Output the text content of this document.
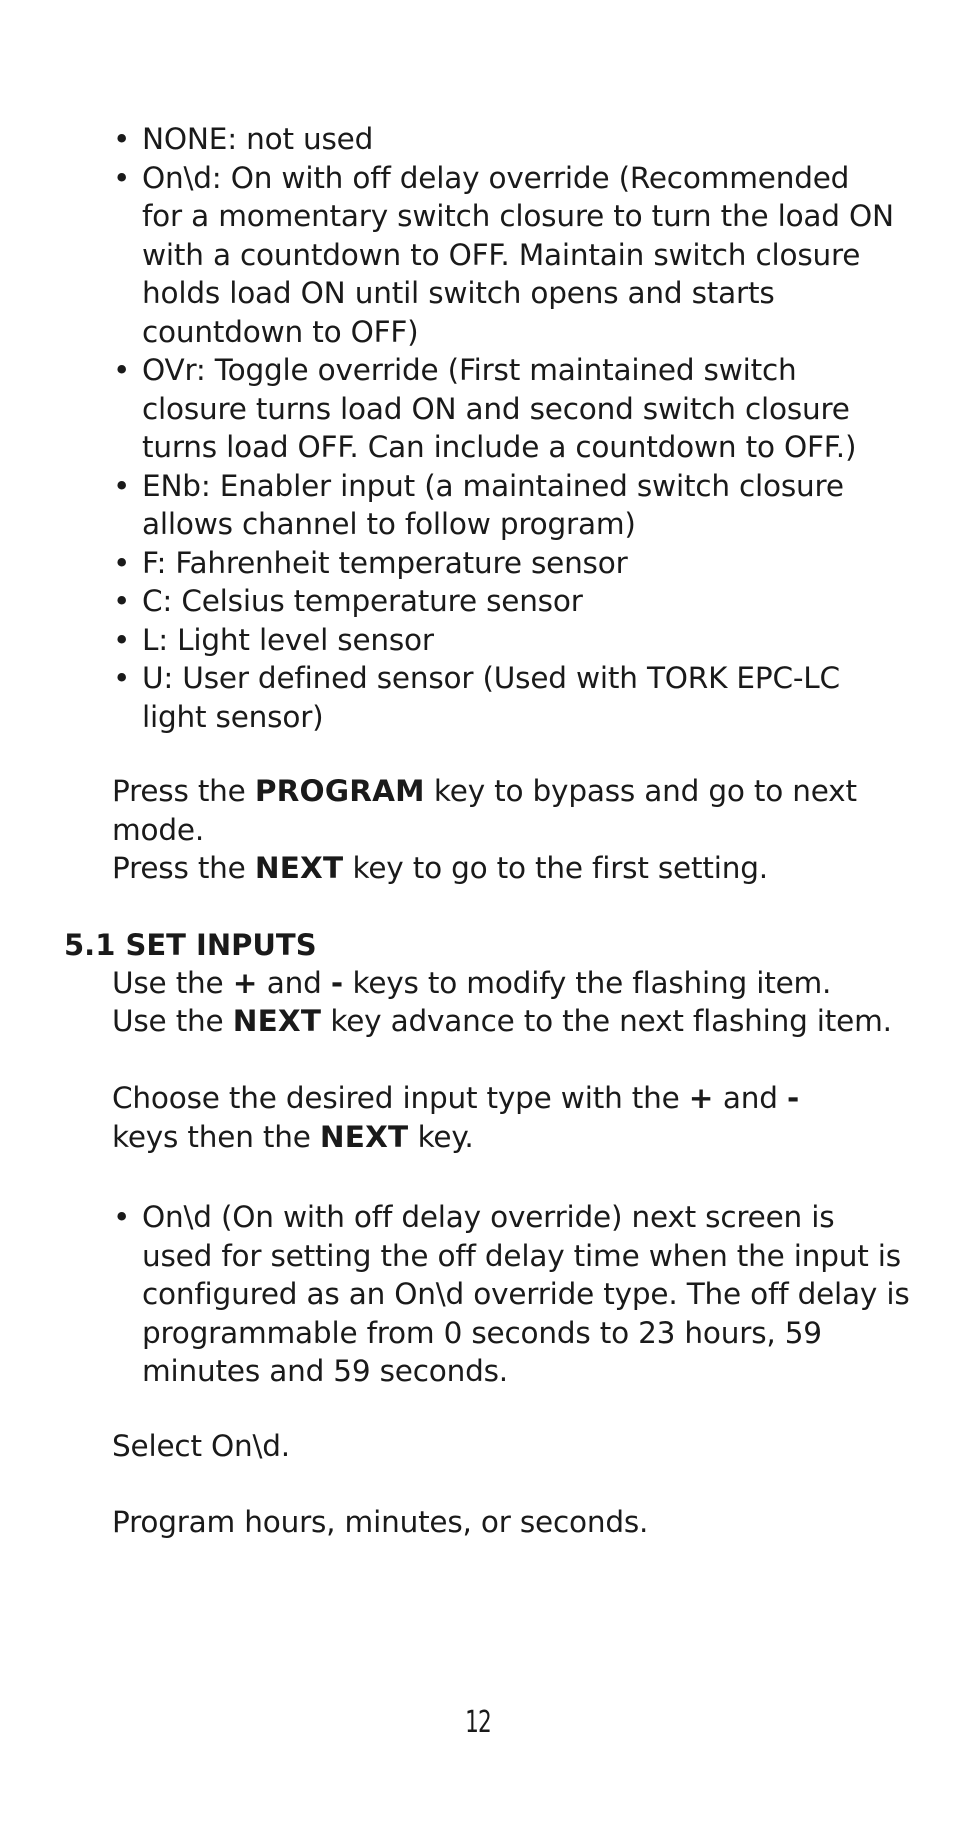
• NONE: not used
• On\d: On with off delay override (Recommended for a momentary switch closure to turn the load ON with a countdown to OFF. Maintain switch closure holds load ON until switch opens and starts countdown to OFF)
• OVr: Toggle override (First maintained switch closure turns load ON and second switch closure turns load OFF. Can include a countdown to OFF.)
• ENb: Enabler input (a maintained switch closure allows channel to follow program)
• F: Fahrenheit temperature sensor
• C: Celsius temperature sensor
• L: Light level sensor
• U: User defined sensor (Used with TORK EPC-LC light sensor)

Press the PROGRAM key to bypass and go to next mode.

Press the NEXT key to go to the first setting.

5.1 SET INPUTS

Use the + and - keys to modify the flashing item.

Use the NEXT key advance to the next flashing item.

Choose the desired input type with the + and - keys then the NEXT key.

• On\d (On with off delay override) next screen is used for setting the off delay time when the input is configured as an On\d override type. The off delay is programmable from 0 seconds to 23 hours, 59 minutes and 59 seconds.

Select On\d.

Program hours, minutes, or seconds.

12
